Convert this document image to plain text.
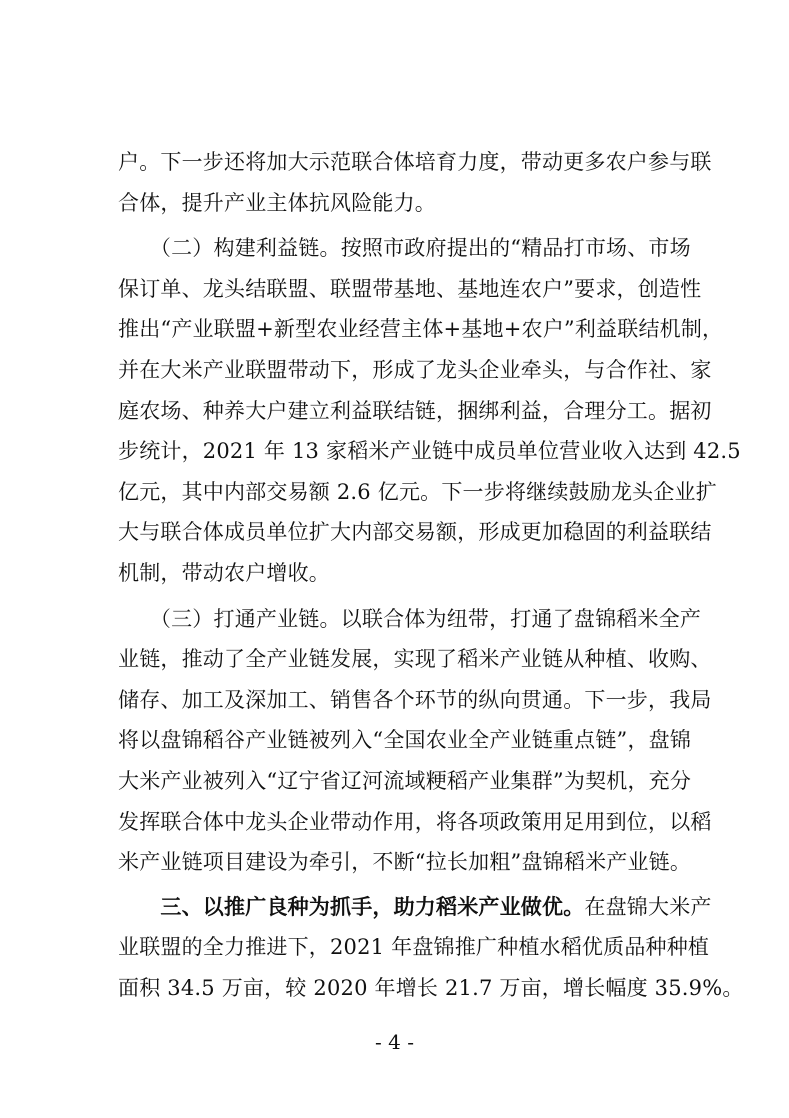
户。下一步还将加大示范联合体培育力度，带动更多农户参与联
合体，提升产业主体抗风险能力。
　　（二）构建利益链。按照市政府提出的“精品打市场、市场
保订单、龙头结联盟、联盟带基地、基地连农户”要求，创造性
推出“产业联盟+新型农业经营主体+基地+农户”利益联结机制，
并在大米产业联盟带动下，形成了龙头企业牵头，与合作社、家
庭农场、种养大户建立利益联结链，捆绑利益，合理分工。据初
步统计，2021 年 13 家稻米产业链中成员单位营业收入达到 42.5
亿元，其中内部交易额 2.6 亿元。下一步将继续鼓励龙头企业扩
大与联合体成员单位扩大内部交易额，形成更加稳固的利益联结
机制，带动农户增收。
　　（三）打通产业链。以联合体为纽带，打通了盘锦稻米全产
业链，推动了全产业链发展，实现了稻米产业链从种植、收购、
储存、加工及深加工、销售各个环节的纵向贯通。下一步，我局
将以盘锦稻谷产业链被列入“全国农业全产业链重点链”，盘锦
大米产业被列入“辽宁省辽河流域粳稻产业集群”为契机，充分
发挥联合体中龙头企业带动作用，将各项政策用足用到位，以稻
米产业链项目建设为牵引，不断“拉长加粗”盘锦稻米产业链。
　　三、以推广良种为抓手，助力稻米产业做优。在盘锦大米产
业联盟的全力推进下，2021 年盘锦推广种植水稻优质品种种植
面积 34.5 万亩，较 2020 年增长 21.7 万亩，增长幅度 35.9%。
- 4 -
